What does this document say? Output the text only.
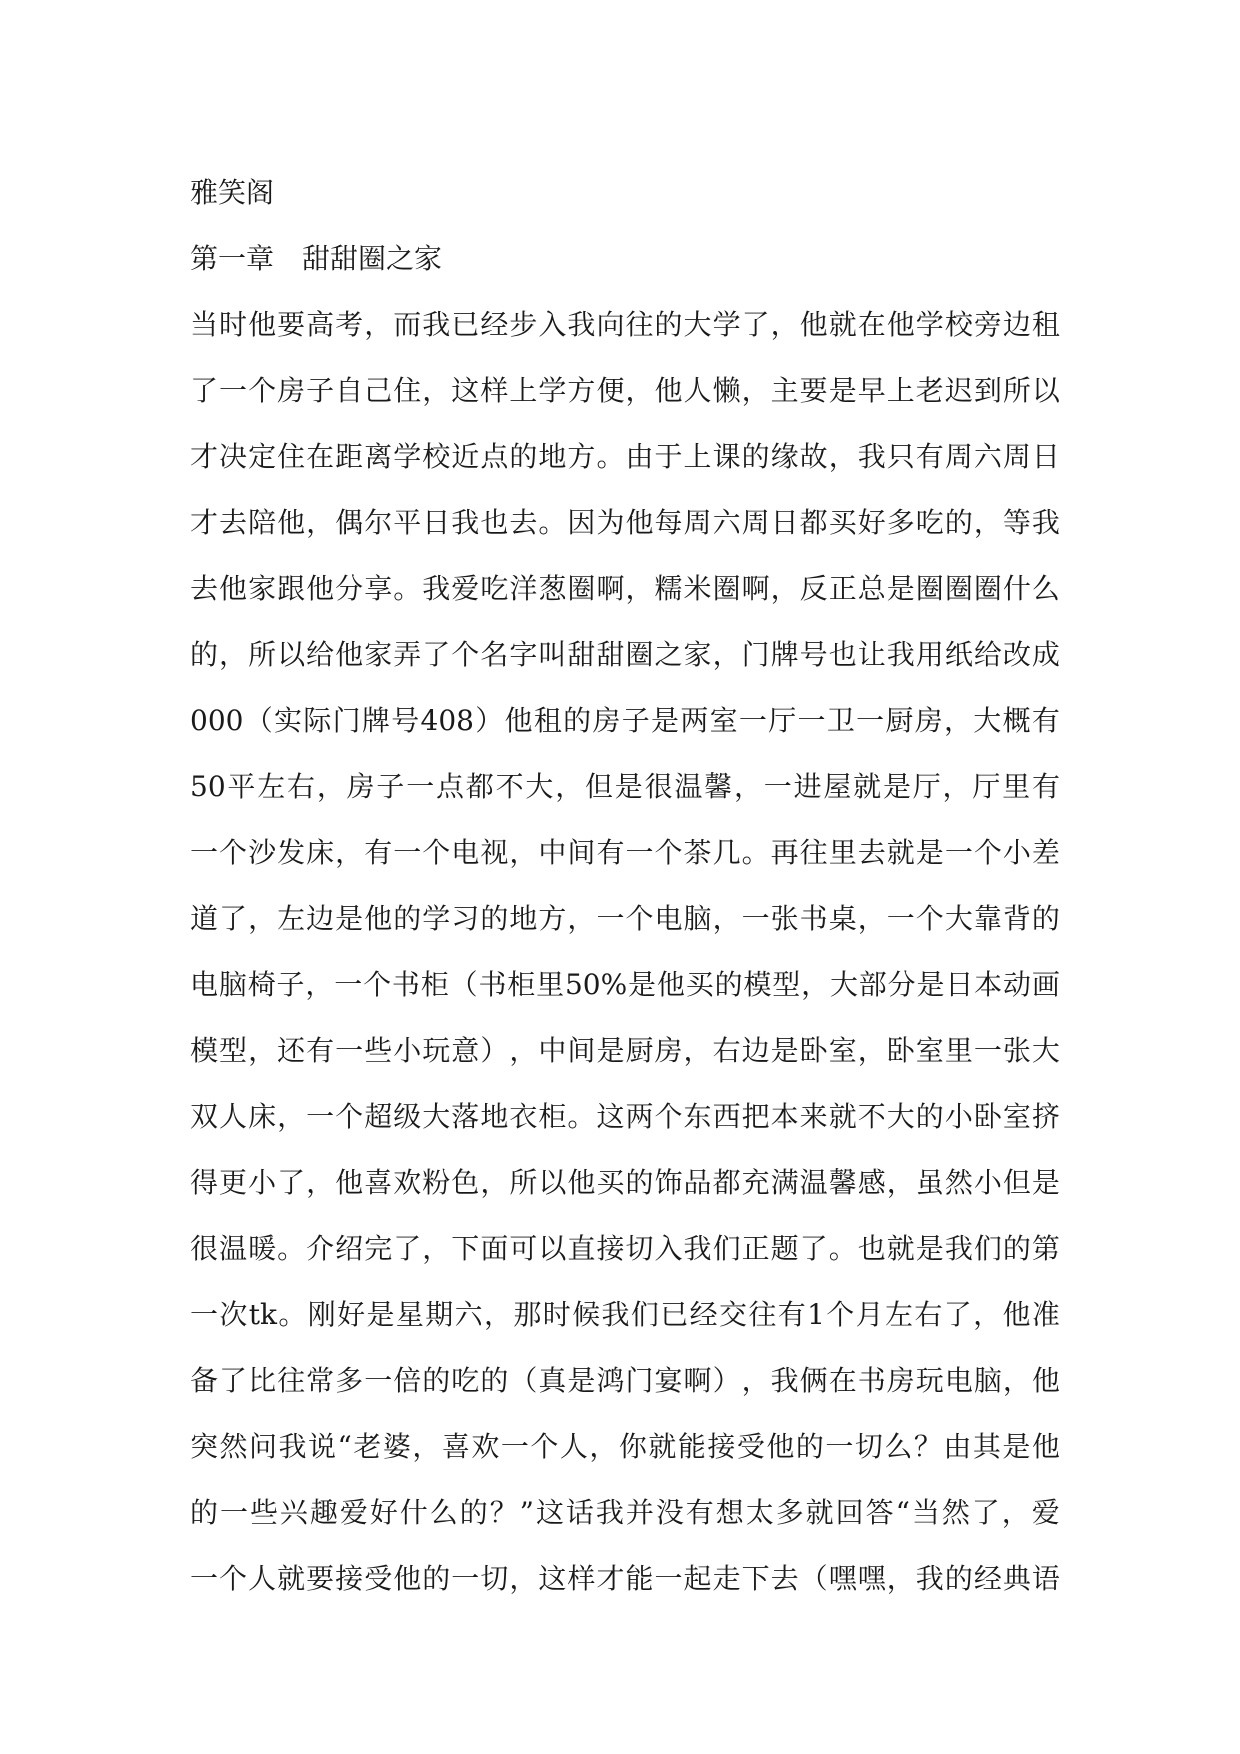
雅笑阁

第一章 甜甜圈之家

当 时 他 要 高 考 ， 而 我 已 经 步 入 我 向 往 的 大 学 了 ， 他 就 在 他 学 校 旁 边 租

了 一 个 房 子 自 己 住 ， 这 样 上 学 方 便 ， 他 人 懒 ， 主 要 是 早 上 老 迟 到 所 以

才 决 定 住 在 距 离 学 校 近 点 的 地 方 。 由 于 上 课 的 缘 故 ， 我 只 有 周 六 周 日

才 去 陪 他 ， 偶 尔 平 日 我 也 去 。 因 为 他 每 周 六 周 日 都 买 好 多 吃 的 ， 等 我

去 他 家 跟 他 分 享 。 我 爱 吃 洋 葱 圈 啊 ， 糯 米 圈 啊 ， 反 正 总 是 圈 圈 圈 什 么

的 ， 所 以 给 他 家 弄 了 个 名 字 叫 甜 甜 圈 之 家 ， 门 牌 号 也 让 我 用 纸 给 改 成

000 （ 实 际 门 牌 号 408 ） 他 租 的 房 子 是 两 室 一 厅 一 卫 一 厨 房 ， 大 概 有

50 平 左 右 ， 房 子 一 点 都 不 大 ， 但 是 很 温 馨 ， 一 进 屋 就 是 厅 ， 厅 里 有

一 个 沙 发 床 ， 有 一 个 电 视 ， 中 间 有 一 个 茶 几 。 再 往 里 去 就 是 一 个 小 差

道 了 ， 左 边 是 他 的 学 习 的 地 方 ， 一 个 电 脑 ， 一 张 书 桌 ， 一 个 大 靠 背 的

电 脑 椅 子 ， 一 个 书 柜 （ 书 柜 里 50% 是 他 买 的 模 型 ， 大 部 分 是 日 本 动 画

模 型 ， 还 有 一 些 小 玩 意 ） ， 中 间 是 厨 房 ， 右 边 是 卧 室 ， 卧 室 里 一 张 大

双 人 床 ， 一 个 超 级 大 落 地 衣 柜 。 这 两 个 东 西 把 本 来 就 不 大 的 小 卧 室 挤

得 更 小 了 ， 他 喜 欢 粉 色 ， 所 以 他 买 的 饰 品 都 充 满 温 馨 感 ， 虽 然 小 但 是

很 温 暖 。 介 绍 完 了 ， 下 面 可 以 直 接 切 入 我 们 正 题 了 。 也 就 是 我 们 的 第

一 次 tk 。 刚 好 是 星 期 六 ， 那 时 候 我 们 已 经 交 往 有 1 个 月 左 右 了 ， 他 准

备 了 比 往 常 多 一 倍 的 吃 的 （ 真 是 鸿 门 宴 啊 ） ， 我 俩 在 书 房 玩 电 脑 ， 他

突 然 问 我 说 “ 老 婆 ， 喜 欢 一 个 人 ， 你 就 能 接 受 他 的 一 切 么 ？ 由 其 是 他

的 一 些 兴 趣 爱 好 什 么 的 ？ ” 这 话 我 并 没 有 想 太 多 就 回 答 “ 当 然 了 ， 爱

一 个 人 就 要 接 受 他 的 一 切 ， 这 样 才 能 一 起 走 下 去 （ 嘿 嘿 ， 我 的 经 典 语
